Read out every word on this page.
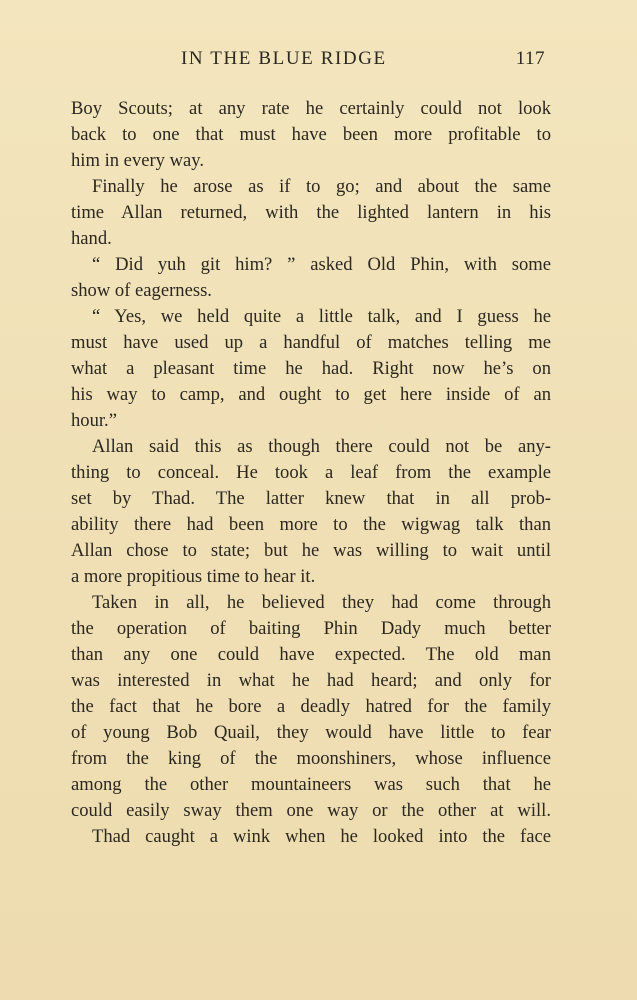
IN THE BLUE RIDGE	117
Boy Scouts; at any rate he certainly could not look
back to one that must have been more profitable to
him in every way.
Finally he arose as if to go; and about the same
time Allan returned, with the lighted lantern in his
hand.
“ Did yuh git him? ” asked Old Phin, with some
show of eagerness.
“ Yes, we held quite a little talk, and I guess he
must have used up a handful of matches telling me
what a pleasant time he had. Right now he’s on
his way to camp, and ought to get here inside of an
hour.”
Allan said this as though there could not be any-
thing to conceal. He took a leaf from the example
set by Thad. The latter knew that in all prob-
ability there had been more to the wigwag talk than
Allan chose to state; but he was willing to wait until
a more propitious time to hear it.
Taken in all, he believed they had come through
the operation of baiting Phin Dady much better
than any one could have expected. The old man
was interested in what he had heard; and only for
the fact that he bore a deadly hatred for the family
of young Bob Quail, they would have little to fear
from the king of the moonshiners, whose influence
among the other mountaineers was such that he
could easily sway them one way or the other at will.
Thad caught a wink when he looked into the face
